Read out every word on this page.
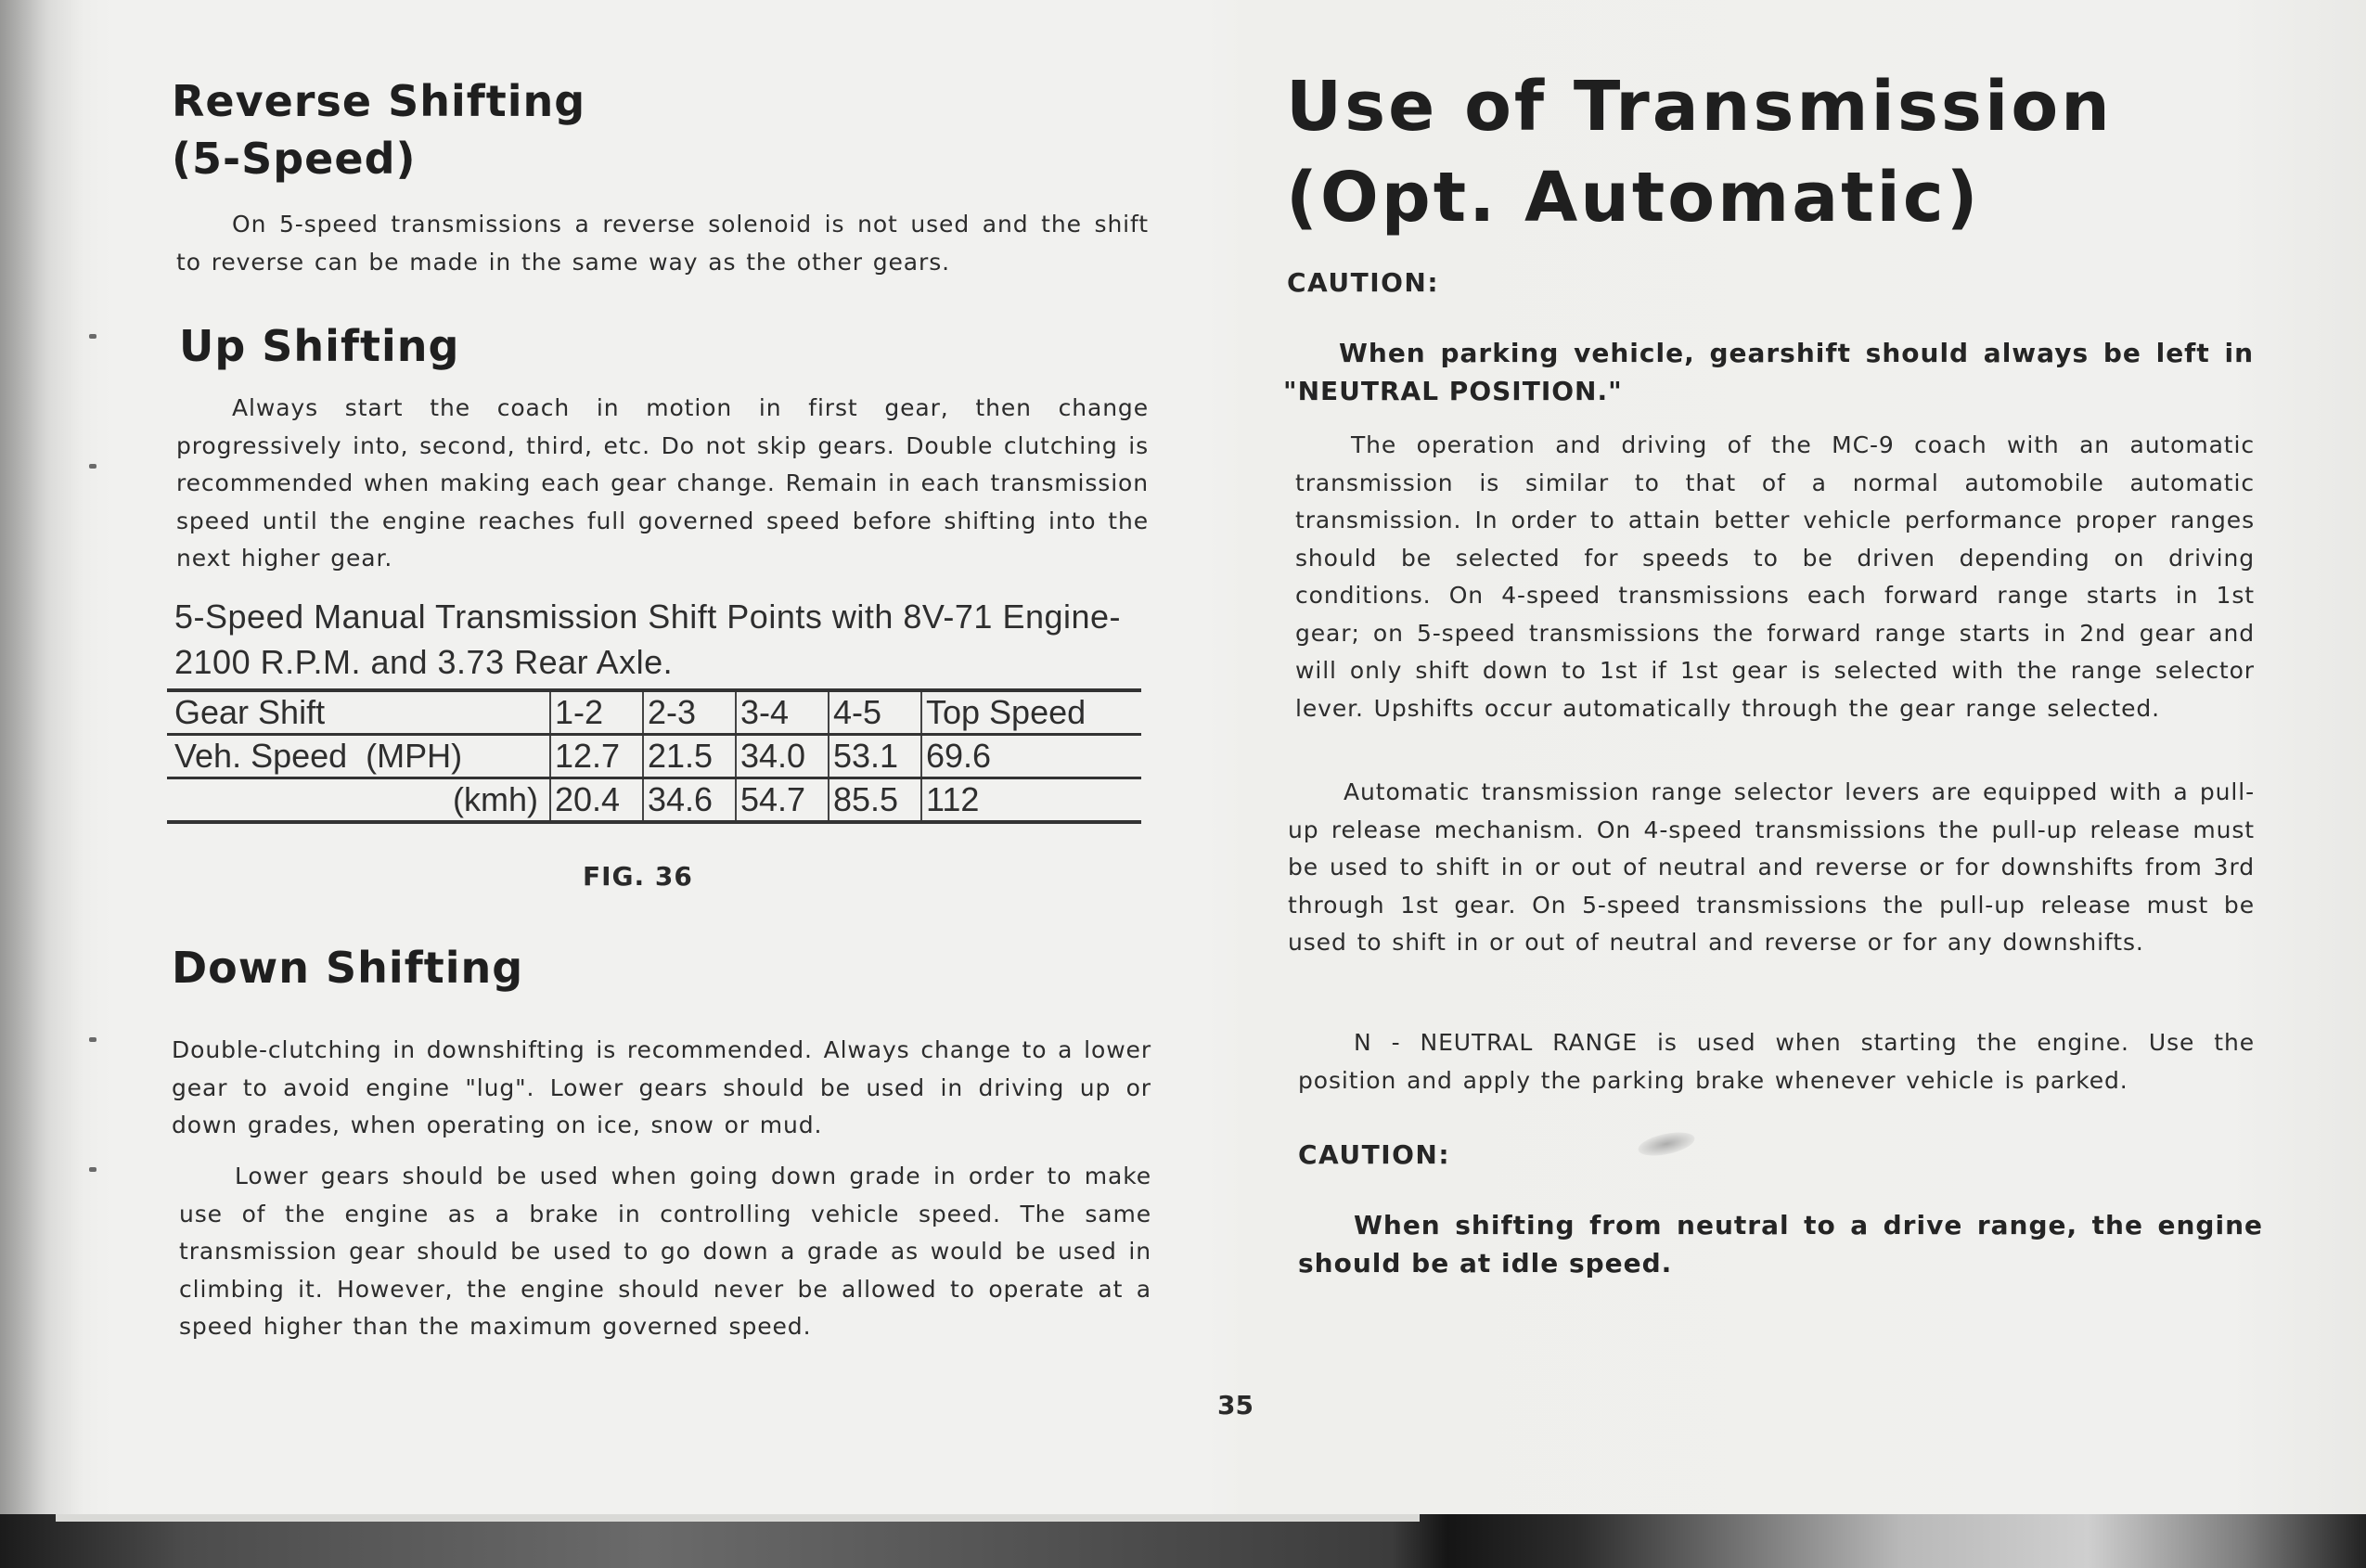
Reverse Shifting
(5-Speed)

On 5-speed transmissions a reverse solenoid is not used and the shift to reverse can be made in the same way as the other gears.

Up Shifting

Always start the coach in motion in first gear, then change progressively into, second, third, etc. Do not skip gears. Double clutching is recommended when making each gear change. Remain in each transmission speed until the engine reaches full governed speed before shifting into the next higher gear.

5-Speed Manual Transmission Shift Points with 8V-71 Engine-2100 R.P.M. and 3.73 Rear Axle.

Gear Shift	1-2	2-3	3-4	4-5	Top Speed
Veh. Speed  (MPH)	12.7	21.5	34.0	53.1	69.6
(kmh)	20.4	34.6	54.7	85.5	112
FIG. 36
Down Shifting

Double-clutching in downshifting is recommended. Always change to a lower gear to avoid engine "lug". Lower gears should be used in driving up or down grades, when operating on ice, snow or mud.

Lower gears should be used when going down grade in order to make use of the engine as a brake in controlling vehicle speed. The same transmission gear should be used to go down a grade as would be used in climbing it. However, the engine should never be allowed to operate at a speed higher than the maximum governed speed.

35
Use of Transmission
(Opt. Automatic)
CAUTION:

When parking vehicle, gearshift should always be left in "NEUTRAL POSITION."

The operation and driving of the MC-9 coach with an automatic transmission is similar to that of a normal automobile automatic transmission. In order to attain better vehicle performance proper ranges should be selected for speeds to be driven depending on driving conditions. On 4-speed transmissions each forward range starts in 1st gear; on 5-speed transmissions the forward range starts in 2nd gear and will only shift down to 1st if 1st gear is selected with the range selector lever. Upshifts occur automatically through the gear range selected.

Automatic transmission range selector levers are equipped with a pull-up release mechanism. On 4-speed transmissions the pull-up release must be used to shift in or out of neutral and reverse or for downshifts from 3rd through 1st gear. On 5-speed transmissions the pull-up release must be used to shift in or out of neutral and reverse or for any downshifts.

N - NEUTRAL RANGE is used when starting the engine. Use the position and apply the parking brake whenever vehicle is parked.

CAUTION:

When shifting from neutral to a drive range, the engine should be at idle speed.
